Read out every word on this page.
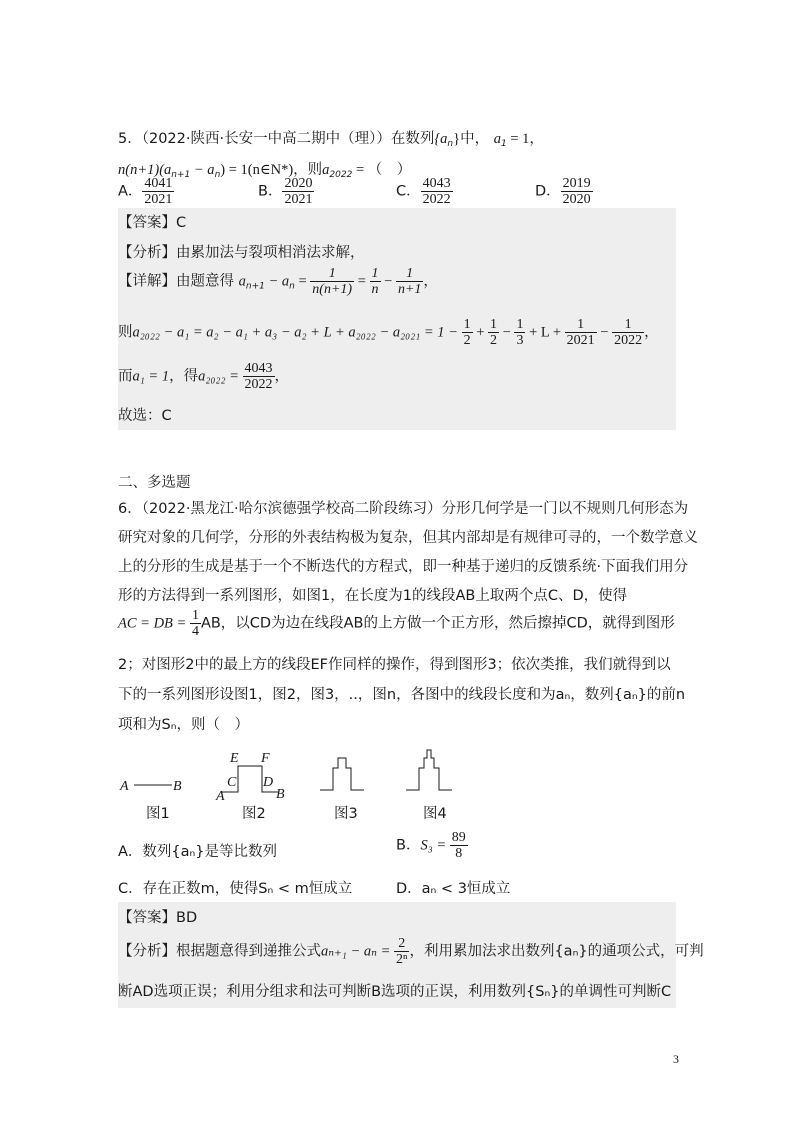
5．（2022·陕西·长安一中高二期中（理））在数列$\{a_n\}$中， $a_1 = 1$，
$n(n+1)(a_{n+1} - a_n)$ = 1(n∈N*)，则$a_{2022}$ = （　）
A． $\frac{4041}{2021}$	B． $\frac{2020}{2021}$	C． $\frac{4043}{2022}$	D． $\frac{2019}{2020}$
【答案】C
【分析】由累加法与裂项相消法求解，
【详解】由题意得 $a_{n+1} - a_n = \frac{1}{n(n+1)} = \frac{1}{n} - \frac{1}{n+1}$ ，
则$a_{2022} - a_1 = a_2 - a_1 + a_3 - a_2 + L + a_{2022} - a_{2021} = 1 - \frac{1}{2} + \frac{1}{2} - \frac{1}{3} + L + \frac{1}{2021} - \frac{1}{2022}$ ，
而a₁ = 1，得$a_{2022} = \frac{4043}{2022}$ ，
故选：C
二、多选题
6．（2022·黑龙江·哈尔滨德强学校高二阶段练习）分形几何学是一门以不规则几何形态为
研究对象的几何学，分形的外表结构极为复杂，但其内部却是有规律可寻的，一个数学意义
上的分形的生成是基于一个不断迭代的方程式，即一种基于递归的反馈系统·下面我们用分
形的方法得到一系列图形，如图1，在长度为1的线段AB上取两个点C、D，使得
AC = DB = $\frac{1}{4}$ AB，以CD为边在线段AB的上方做一个正方形，然后擦掉CD，就得到图形
2；对图形2中的最上方的线段EF作同样的操作，得到图形3；依次类推，我们就得到以
下的一系列图形设图1，图2，图3，..，图n，各图中的线段长度和为aₙ，数列{aₙ}的前n
项和为Sₙ，则（　）
A	B
E F
C D
A	B
图1	图2	图3	图4
A．数列{aₙ}是等比数列	B．$S_3 = \frac{89}{8}$
C．存在正数m，使得Sₙ < m恒成立	D．aₙ < 3恒成立
【答案】BD
【分析】根据题意得到递推公式$a_{n+1} - a_n = \frac{2}{\text{2ⁿ}}$ ，利用累加法求出数列{aₙ}的通项公式，可判
断AD选项正误；利用分组求和法可判断B选项的正误，利用数列{Sₙ}的单调性可判断C
3
